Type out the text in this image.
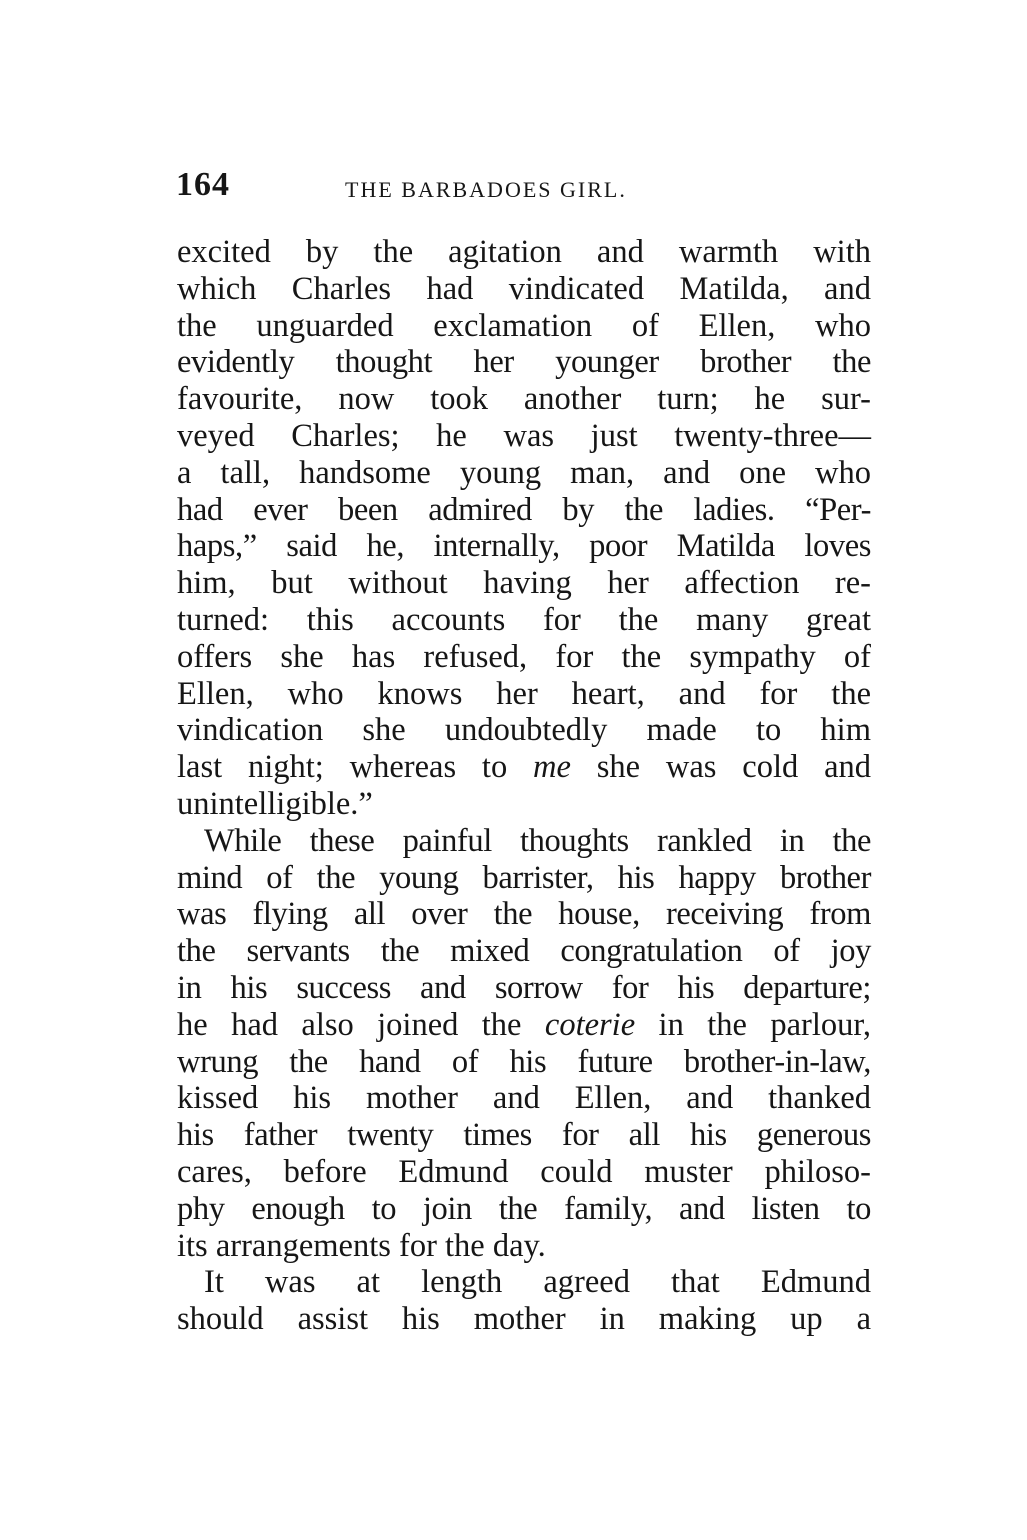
164	THE BARBADOES GIRL.
excited by the agitation and warmth with
which Charles had vindicated Matilda, and
the unguarded exclamation of Ellen, who
evidently thought her younger brother the
favourite, now took another turn; he sur-
veyed Charles; he was just twenty-three—
a tall, handsome young man, and one who
had ever been admired by the ladies. “Per-
haps,” said he, internally, poor Matilda loves
him, but without having her affection re-
turned: this accounts for the many great
offers she has refused, for the sympathy of
Ellen, who knows her heart, and for the
vindication she undoubtedly made to him
last night; whereas to me she was cold and
unintelligible.”
While these painful thoughts rankled in the
mind of the young barrister, his happy brother
was flying all over the house, receiving from
the servants the mixed congratulation of joy
in his success and sorrow for his departure;
he had also joined the coterie in the parlour,
wrung the hand of his future brother-in-law,
kissed his mother and Ellen, and thanked
his father twenty times for all his generous
cares, before Edmund could muster philoso-
phy enough to join the family, and listen to
its arrangements for the day.
It was at length agreed that Edmund
should assist his mother in making up a
